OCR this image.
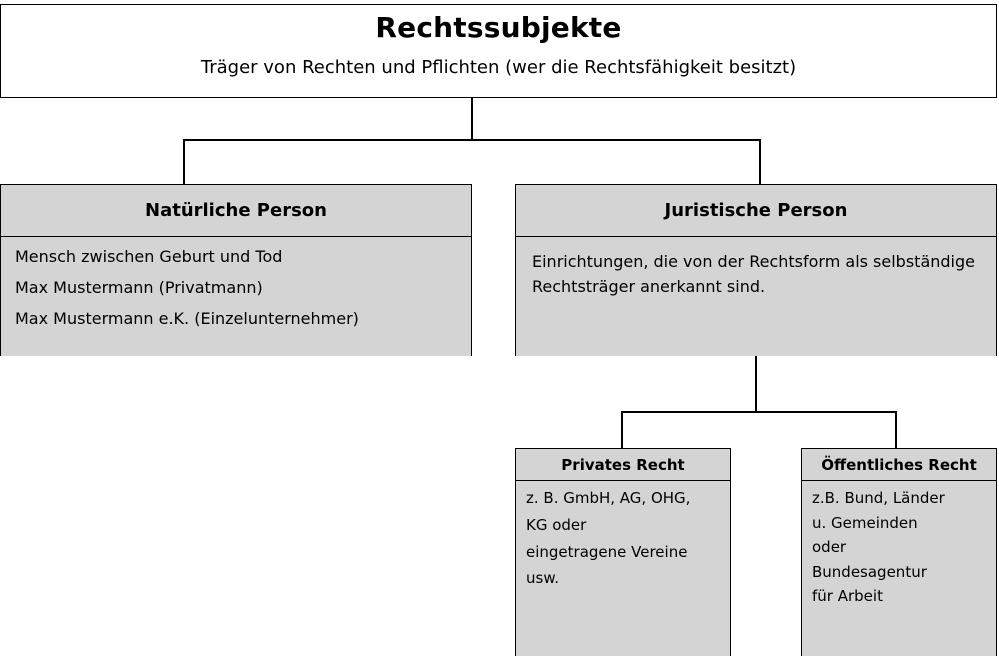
Rechtssubjekte
Träger von Rechten und Pflichten (wer die Rechtsfähigkeit besitzt)
Natürliche Person

Mensch zwischen Geburt und Tod

Max Mustermann (Privatmann)

Max Mustermann e.K. (Einzelunternehmer)

Juristische Person

Einrichtungen, die von der Rechtsform als selbständige Rechtsträger anerkannt sind.

Privates Recht

z. B. GmbH, AG, OHG,

KG oder

eingetragene Vereine

usw.

Öffentliches Recht

z.B. Bund, Länder

u. Gemeinden

oder

Bundesagentur

für Arbeit
